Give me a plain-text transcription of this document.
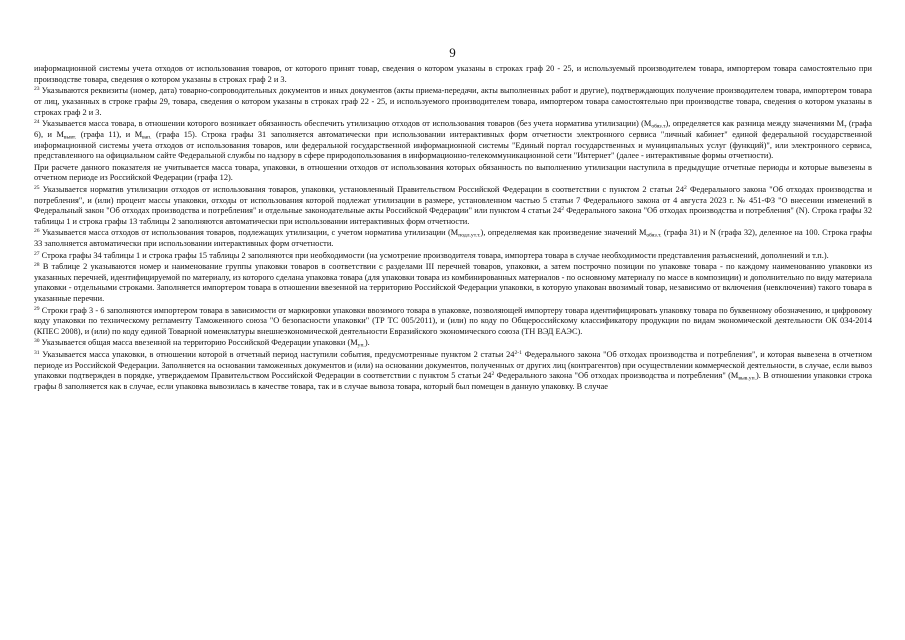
9

информационной системы учета отходов от использования товаров, от которого принят товар, сведения о котором указаны в строках граф 20 - 25, и используемый производителем товара, импортером товара самостоятельно при производстве товара, сведения о котором указаны в строках граф 2 и 3.

$^{23}$ Указываются реквизиты (номер, дата) товарно-сопроводительных документов и иных документов (акты приема-передачи, акты выполненных работ и другие), подтверждающих получение производителем товара, импортером товара от лиц, указанных в строке графы 29, товара, сведения о котором указаны в строках граф 22 - 25, и используемого производителем товара, импортером товара самостоятельно при производстве товара, сведения о котором указаны в строках граф 2 и 3.

$^{24}$ Указывается масса товара, в отношении которого возникает обязанность обеспечить утилизацию отходов от использования товаров (без учета норматива утилизации) $(М_{обяз.т})$, определяется как разница между значениями $М_т$ (графа 6), и $М_{вывт.}$ (графа 11), и $М_{вап.}$ (графа 15). Строка графы 31 заполняется автоматически при использовании интерактивных форм отчетности электронного сервиса "личный кабинет" единой федеральной государственной информационной системы учета отходов от использования товаров, или федеральной государственной информационной системы "Единый портал государственных и муниципальных услуг (функций)", или электронного сервиса, представленного на официальном сайте Федеральной службы по надзору в сфере природопользования в информационно-телекоммуникационной сети "Интернет" (далее - интерактивные формы отчетности).

При расчете данного показателя не учитывается масса товара, упаковки, в отношении отходов от использования которых обязанность по выполнению утилизации наступила в предыдущие отчетные периоды и которые вывезены в отчетном периоде из Российской Федерации (графа 12).

$^{25}$ Указывается норматив утилизации отходов от использования товаров, упаковки, установленный Правительством Российской Федерации в соответствии с пунктом 2 статьи $24^2$ Федерального закона "Об отходах производства и потребления", и (или) процент массы упаковки, отходы от использования которой подлежат утилизации в размере, установленном частью 5 статьи 7 Федерального закона от 4 августа 2023 г. № 451-ФЗ "О внесении изменений в Федеральный закон "Об отходах производства и потребления" и отдельные законодательные акты Российской Федерации" или пунктом 4 статьи $24^2$ Федерального закона "Об отходах производства и потребления" (N). Строка графы 32 таблицы 1 и строка графы 13 таблицы 2 заполняются автоматически при использовании интерактивных форм отчетности.

$^{26}$ Указывается масса отходов от использования товаров, подлежащих утилизации, с учетом норматива утилизации $(М_{подл.ут.т.})$, определяемая как произведение значений $М_{обяз.т.}$ (графа 31) и N (графа 32), деленное на 100. Строка графы 33 заполняется автоматически при использовании интерактивных форм отчетности.

$^{27}$ Строка графы 34 таблицы 1 и строка графы 15 таблицы 2 заполняются при необходимости (на усмотрение производителя товара, импортера товара в случае необходимости представления разъяснений, дополнений и т.п.).

$^{28}$ В таблице 2 указываются номер и наименование группы упаковки товаров в соответствии с разделами III перечней товаров, упаковки, а затем построчно позиции по упаковке товара - по каждому наименованию упаковки из указанных перечней, идентифицируемой по материалу, из которого сделана упаковка товара (для упаковки товара из комбинированных материалов - по основному материалу по массе в композиции) и дополнительно по виду материала упаковки - отдельными строками. Заполняется импортером товара в отношении ввезенной на территорию Российской Федерации упаковки, в которую упакован ввозимый товар, независимо от включения (невключения) такого товара в указанные перечни.

$^{29}$ Строки граф 3 - 6 заполняются импортером товара в зависимости от маркировки упаковки ввозимого товара в упаковке, позволяющей импортеру товара идентифицировать упаковку товара по буквенному обозначению, и цифровому коду упаковки по техническому регламенту Таможенного союза "О безопасности упаковки" (ТР ТС 005/2011), и (или) по коду по Общероссийскому классификатору продукции по видам экономической деятельности ОК 034-2014 (КПЕС 2008), и (или) по коду единой Товарной номенклатуры внешнеэкономической деятельности Евразийского экономического союза (ТН ВЭД ЕАЭС).

$^{30}$ Указывается общая масса ввезенной на территорию Российской Федерации упаковки $(М_{уп.})$.

$^{31}$ Указывается масса упаковки, в отношении которой в отчетный период наступили события, предусмотренные пунктом 2 статьи 24$^{2-1}$ Федерального закона "Об отходах производства и потребления", и которая вывезена в отчетном периоде из Российской Федерации. Заполняется на основании таможенных документов и (или) на основании документов, полученных от других лиц (контрагентов) при осуществлении коммерческой деятельности, в случае, если вывоз упаковки подтвержден в порядке, утверждаемом Правительством Российской Федерации в соответствии с пунктом 5 статьи $24^2$ Федерального закона "Об отходах производства и потребления" $(М_{выв.уп.})$. В отношении упаковки строка графы 8 заполняется как в случае, если упаковка вывозилась в качестве товара, так и в случае вывоза товара, который был помещен в данную упаковку. В случае
